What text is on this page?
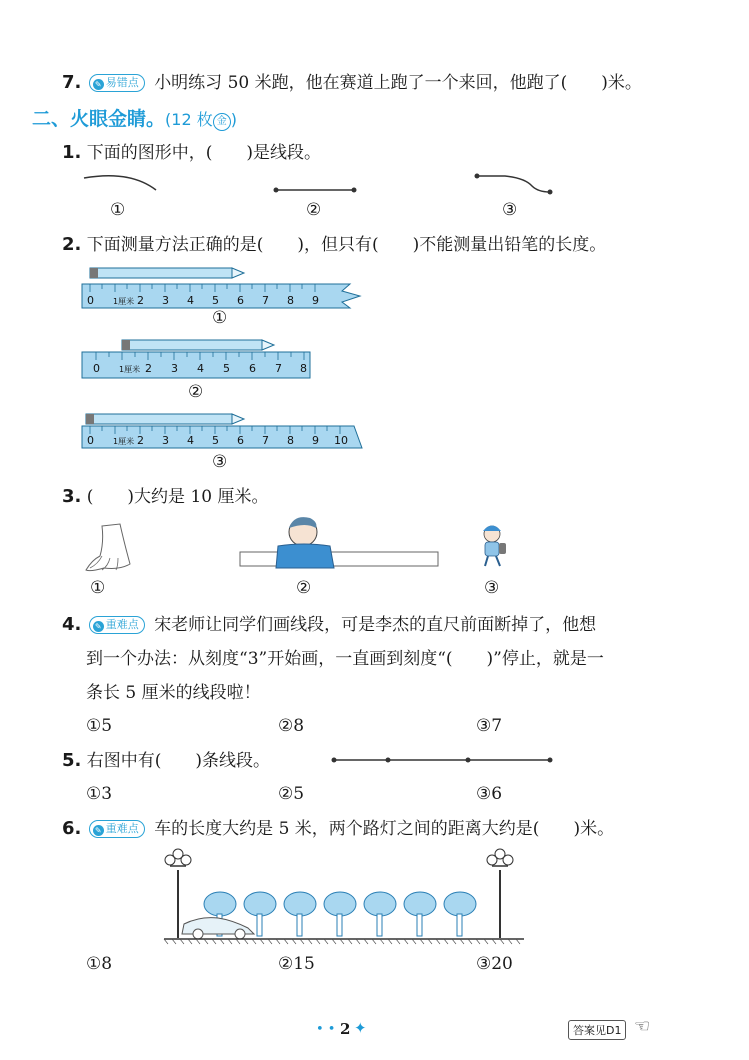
7. ✎ 易错点 小明练习 50 米跑，他在赛道上跑了一个来回，他跑了(　　)米。
二、火眼金睛。(12 枚 金 )
1. 下面的图形中，(　　)是线段。
①	②	③
2. 下面测量方法正确的是(　　)，但只有(　　)不能测量出铅笔的长度。
0 1厘米 2 3 4 5 6 7 8 9
①
0 1厘米 2 3 4 5 6 7 8
②
0 1厘米 2 3 4 5 6 7 8 9 10
③
3. (　　)大约是 10 厘米。
①	②	③
4. ✎ 重难点 宋老师让同学们画线段，可是李杰的直尺前面断掉了，他想
到一个办法：从刻度“3”开始画，一直画到刻度“(　　)”停止，就是一
条长 5 厘米的线段啦！
①5	②8	③7
5. 右图中有(　　)条线段。
①3	②5	③6
6. ✎ 重难点 车的长度大约是 5 米，两个路灯之间的距离大约是(　　)米。
①8	②15	③20
• • 2 ✦	答案见D1 ☜
